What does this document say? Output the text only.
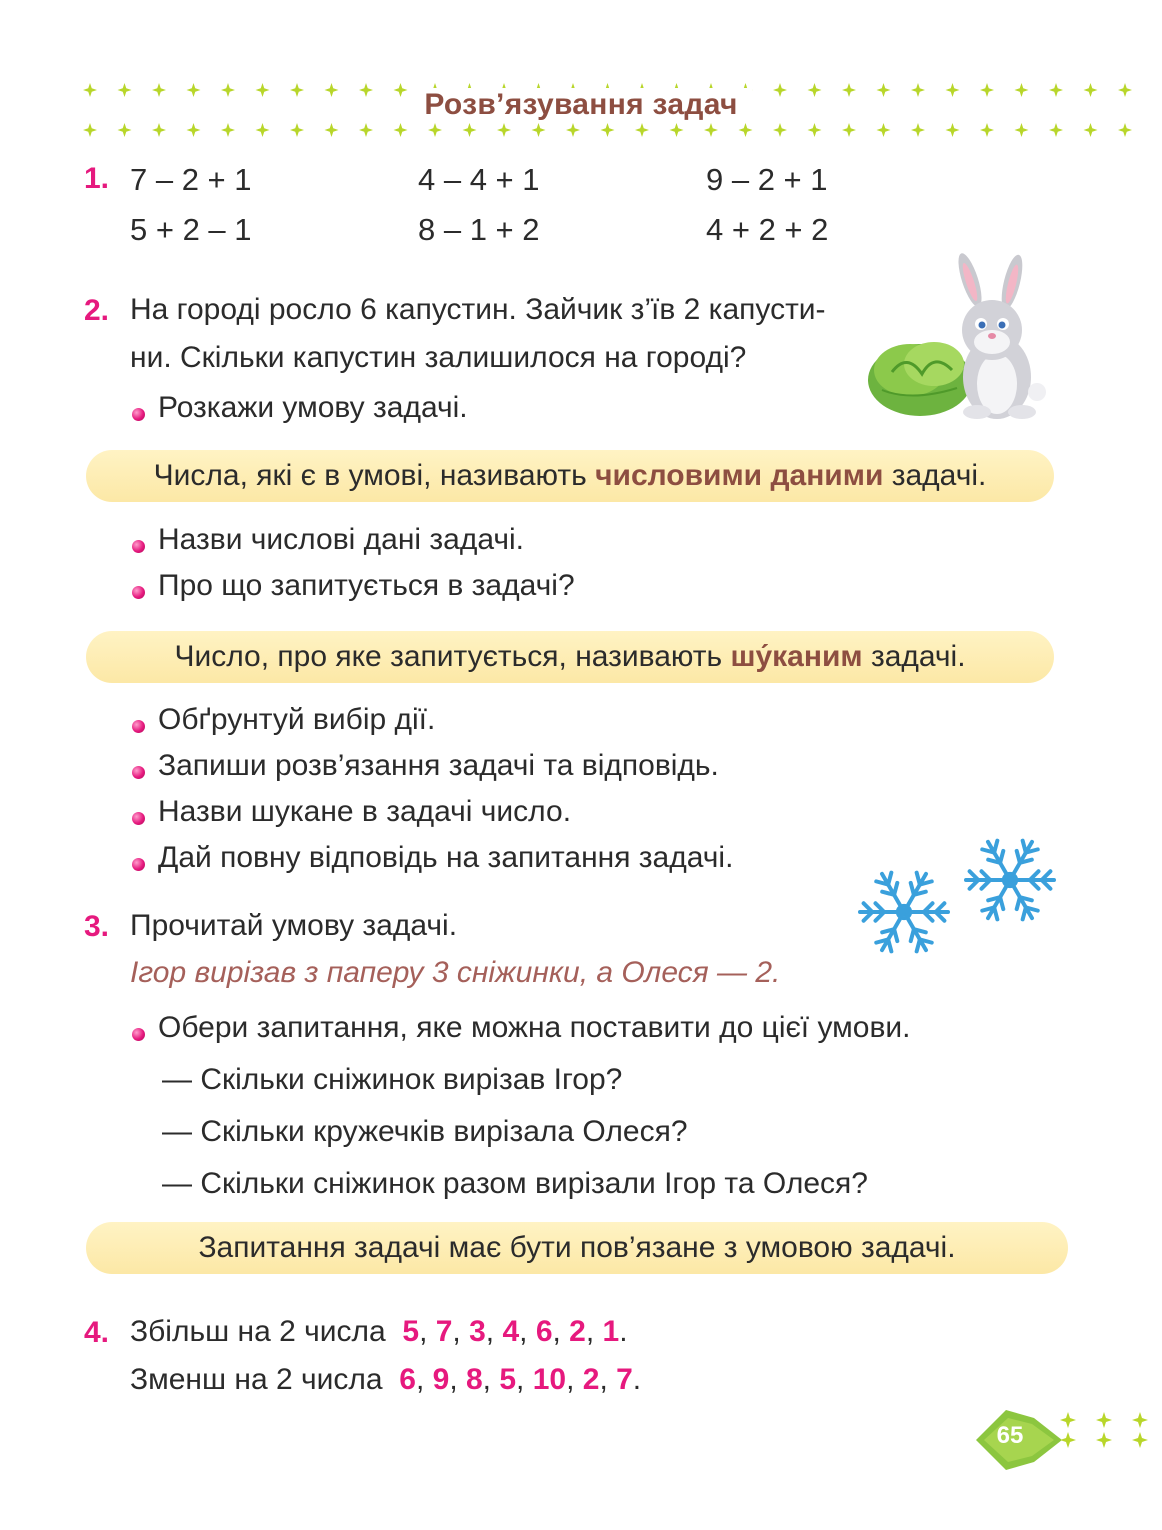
Розв’язування задач
1. 7 – 2 + 1	4 – 4 + 1	9 – 2 + 1
5 + 2 – 1	8 – 1 + 2	4 + 2 + 2
2. На городі росло 6 капустин. Зайчик з’їв 2 капусти-
ни. Скільки капустин залишилося на городі?
Розкажи умову задачі.
Числа, які є в умові, називають числовими даними задачі.
Назви числові дані задачі.
Про що запитується в задачі?
Число, про яке запитується, називають шу́каним задачі.
Обґрунтуй вибір дії.
Запиши розв’язання задачі та відповідь.
Назви шукане в задачі число.
Дай повну відповідь на запитання задачі.
3. Прочитай умову задачі.
Ігор вирізав з паперу 3 сніжинки, а Олеся — 2.
Обери запитання, яке можна поставити до цієї умови.
— Скільки сніжинок вирізав Ігор?
— Скільки кружечків вирізала Олеся?
— Скільки сніжинок разом вирізали Ігор та Олеся?
Запитання задачі має бути пов’язане з умовою задачі.
4. Збільш на 2 числа 5, 7, 3, 4, 6, 2, 1.
Зменш на 2 числа 6, 9, 8, 5, 10, 2, 7.
65
